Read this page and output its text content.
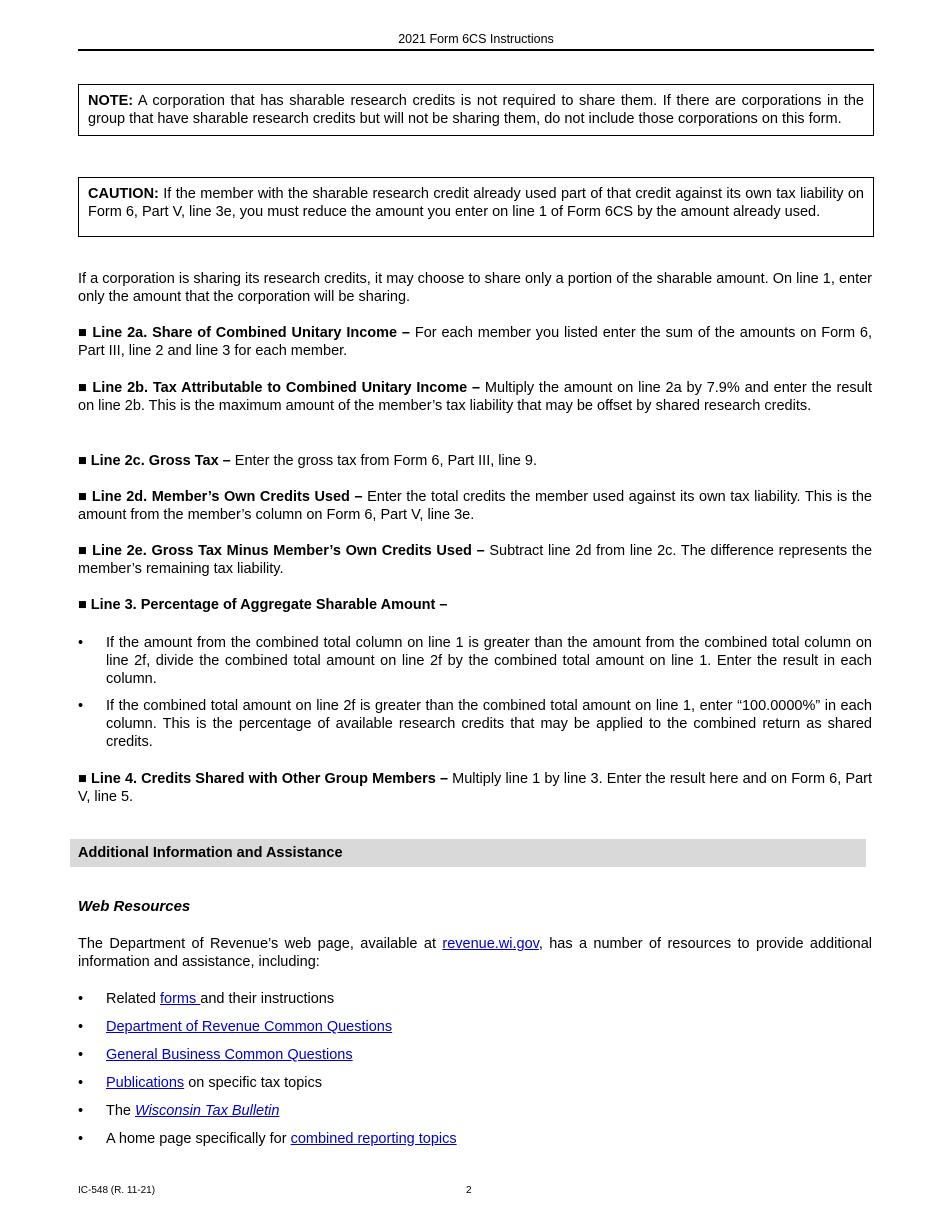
2021 Form 6CS Instructions
NOTE: A corporation that has sharable research credits is not required to share them. If there are corporations in the group that have sharable research credits but will not be sharing them, do not include those corporations on this form.
CAUTION: If the member with the sharable research credit already used part of that credit against its own tax liability on Form 6, Part V, line 3e, you must reduce the amount you enter on line 1 of Form 6CS by the amount already used.
If a corporation is sharing its research credits, it may choose to share only a portion of the sharable amount. On line 1, enter only the amount that the corporation will be sharing.
■ Line 2a. Share of Combined Unitary Income – For each member you listed enter the sum of the amounts on Form 6, Part III, line 2 and line 3 for each member.
■ Line 2b. Tax Attributable to Combined Unitary Income – Multiply the amount on line 2a by 7.9% and enter the result on line 2b. This is the maximum amount of the member’s tax liability that may be offset by shared research credits.
■ Line 2c. Gross Tax – Enter the gross tax from Form 6, Part III, line 9.
■ Line 2d. Member’s Own Credits Used – Enter the total credits the member used against its own tax liability. This is the amount from the member’s column on Form 6, Part V, line 3e.
■ Line 2e. Gross Tax Minus Member’s Own Credits Used – Subtract line 2d from line 2c. The difference represents the member’s remaining tax liability.
■ Line 3. Percentage of Aggregate Sharable Amount –
• If the amount from the combined total column on line 1 is greater than the amount from the combined total column on line 2f, divide the combined total amount on line 2f by the combined total amount on line 1. Enter the result in each column.
• If the combined total amount on line 2f is greater than the combined total amount on line 1, enter “100.0000%” in each column. This is the percentage of available research credits that may be applied to the combined return as shared credits.
■ Line 4. Credits Shared with Other Group Members – Multiply line 1 by line 3. Enter the result here and on Form 6, Part V, line 5.
Additional Information and Assistance
Web Resources
The Department of Revenue’s web page, available at revenue.wi.gov, has a number of resources to provide additional information and assistance, including:
• Related forms and their instructions
• Department of Revenue Common Questions
• General Business Common Questions
• Publications on specific tax topics
• The Wisconsin Tax Bulletin
• A home page specifically for combined reporting topics
IC-548 (R. 11-21)	2
